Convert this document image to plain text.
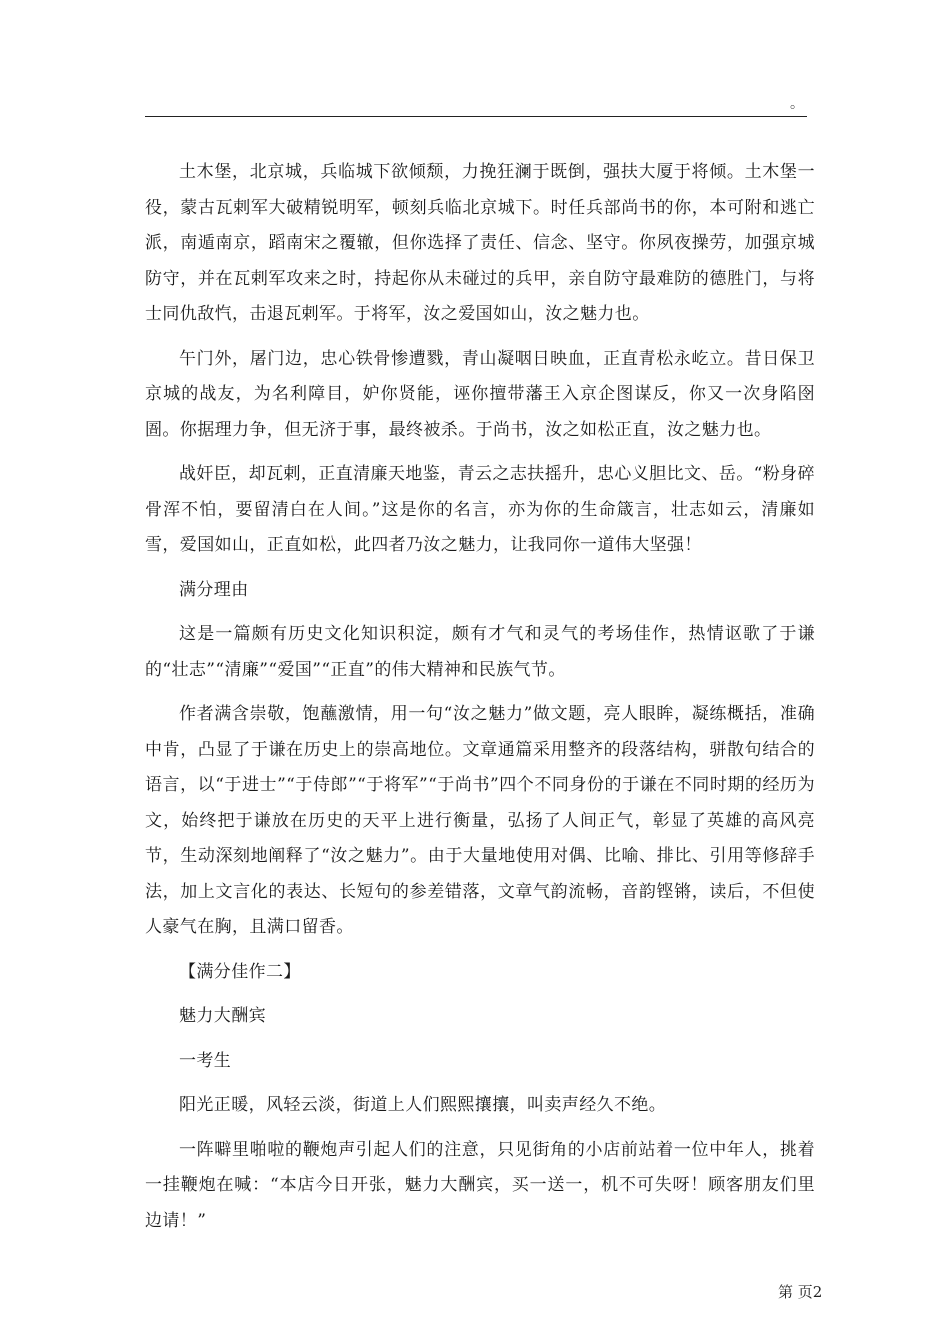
。

土木堡，北京城，兵临城下欲倾颓，力挽狂澜于既倒，强扶大厦于将倾。土木堡一役，蒙古瓦剌军大破精锐明军，顿刻兵临北京城下。时任兵部尚书的你，本可附和逃亡派，南遁南京，蹈南宋之覆辙，但你选择了责任、信念、坚守。你夙夜操劳，加强京城防守，并在瓦剌军攻来之时，持起你从未碰过的兵甲，亲自防守最难防的德胜门，与将士同仇敌忾，击退瓦剌军。于将军，汝之爱国如山，汝之魅力也。

午门外，屠门边，忠心铁骨惨遭戮，青山凝咽日映血，正直青松永屹立。昔日保卫京城的战友，为名利障目，妒你贤能，诬你擅带藩王入京企图谋反，你又一次身陷囹圄。你据理力争，但无济于事，最终被杀。于尚书，汝之如松正直，汝之魅力也。

战奸臣，却瓦剌，正直清廉天地鉴，青云之志扶摇升，忠心义胆比文、岳。“粉身碎骨浑不怕，要留清白在人间。”这是你的名言，亦为你的生命箴言，壮志如云，清廉如雪，爱国如山，正直如松，此四者乃汝之魅力，让我同你一道伟大坚强！

满分理由

这是一篇颇有历史文化知识积淀，颇有才气和灵气的考场佳作，热情讴歌了于谦的“壮志”“清廉”“爱国”“正直”的伟大精神和民族气节。

作者满含崇敬，饱蘸激情，用一句“汝之魅力”做文题，亮人眼眸，凝练概括，准确中肯，凸显了于谦在历史上的崇高地位。文章通篇采用整齐的段落结构，骈散句结合的语言，以“于进士”“于侍郎”“于将军”“于尚书”四个不同身份的于谦在不同时期的经历为文，始终把于谦放在历史的天平上进行衡量，弘扬了人间正气，彰显了英雄的高风亮节，生动深刻地阐释了“汝之魅力”。由于大量地使用对偶、比喻、排比、引用等修辞手法，加上文言化的表达、长短句的参差错落，文章气韵流畅，音韵铿锵，读后，不但使人豪气在胸，且满口留香。

【满分佳作二】

魅力大酬宾

一考生

阳光正暖，风轻云淡，街道上人们熙熙攘攘，叫卖声经久不绝。

一阵噼里啪啦的鞭炮声引起人们的注意，只见街角的小店前站着一位中年人，挑着一挂鞭炮在喊：“本店今日开张，魅力大酬宾，买一送一，机不可失呀！顾客朋友们里边请！”

第 页2
